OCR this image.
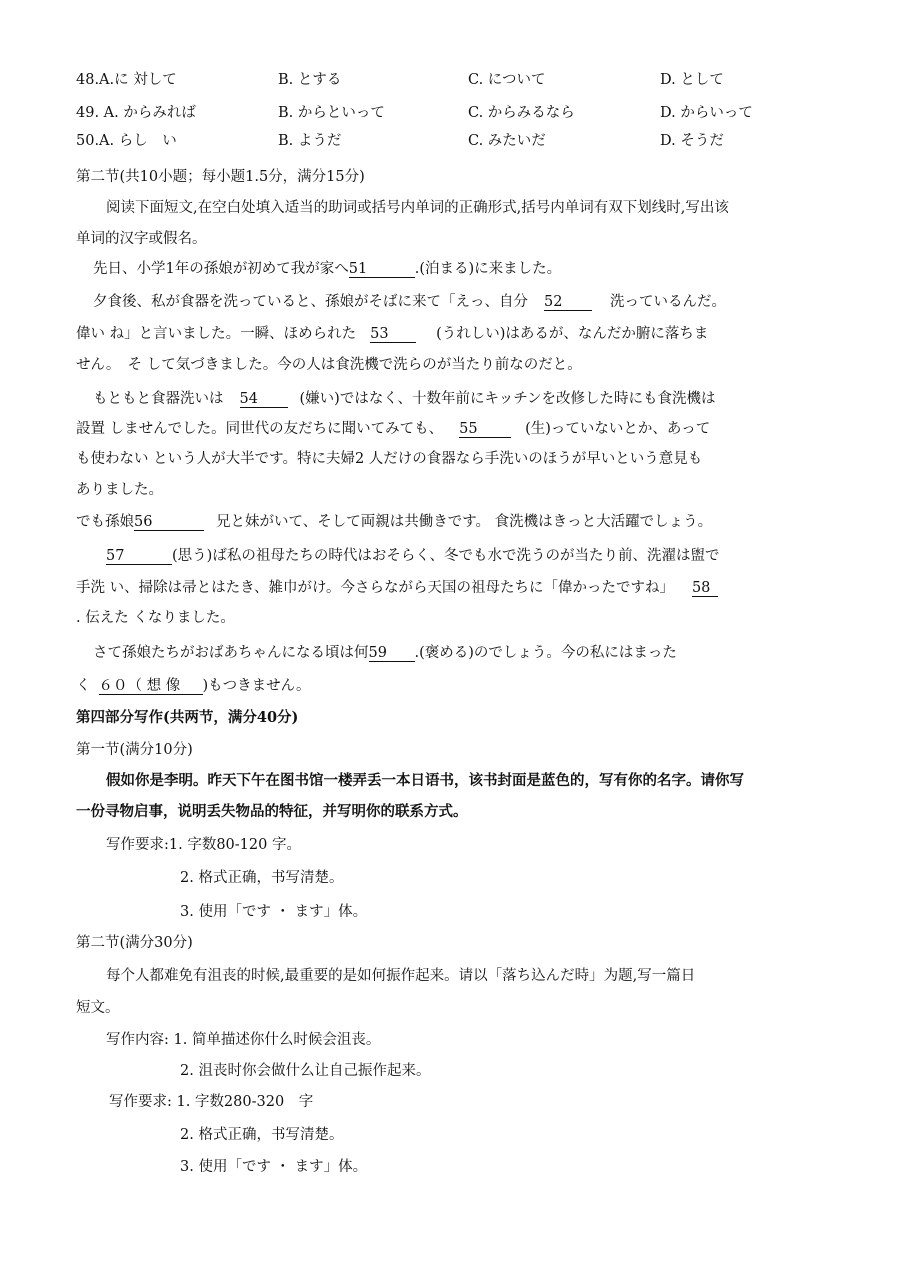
48.A.に 対して	B. とする	C. について	D. として
49. A. からみれば	B. からといって	C. からみるなら	D. からいって
50.A. らし　い	B. ようだ	C. みたいだ	D. そうだ
第二节(共10小题；每小题1.5分，满分15分)
阅读下面短文,在空白处填入适当的助词或括号内单词的正确形式,括号内单词有双下划线时,写出该
单词的汉字或假名。
先日、小学1年の孫娘が初めて我が家へ51	.(泊まる)に来ました。
夕食後、私が食器を洗っていると、孫娘がそばに来て「えっ、自分 52	洗っているんだ。
偉い ね」と言いました。一瞬、ほめられた 53	(うれしい)はあるが、なんだか腑に落ちま
せん。　そ して気づきました。今の人は食洗機で洗らのが当たり前なのだと。
もともと食器洗いは 54	(嫌い)ではなく、十数年前にキッチンを改修した時にも食洗機は
設置 しませんでした。同世代の友だちに聞いてみても、 55	(生)っていないとか、あって
も使わない という人が大半です。特に夫婦2 人だけの食器なら手洗いのほうが早いという意見も
ありました。
でも孫娘56	兄と妹がいて、そして両親は共働きです。 食洗機はきっと大活躍でしょう。
57	(思う)ば私の祖母たちの時代はおそらく、冬でも水で洗うのが当たり前、洗濯は盥で
手洗 い、掃除は帚とはたき、雑巾がけ。今さらながら天国の祖母たちに「偉かったですね」 58
. 伝えた くなりました。
さて孫娘たちがおばあちゃんになる頃は何59 .(褒める)のでしょう。今の私にはまった
く ６０（ 想 像 )もつきません。
第四部分写作(共两节，满分40分)
第一节(满分10分)
假如你是李明。昨天下午在图书馆一楼弄丢一本日语书，该书封面是蓝色的，写有你的名字。请你写
一份寻物启事，说明丢失物品的特征，并写明你的联系方式。
写作要求:1. 字数80-120 字。
2. 格式正确，书写清楚。
3. 使用「です ・ ます」体。
第二节(满分30分)
每个人都难免有沮丧的时候,最重要的是如何振作起来。请以「落ち込んだ時」为题,写一篇日
短文。
写作内容: 1. 简单描述你什么时候会沮丧。
2. 沮丧时你会做什么让自己振作起来。
写作要求: 1. 字数280-320　字
2. 格式正确，书写清楚。
3. 使用「です ・ ます」体。
